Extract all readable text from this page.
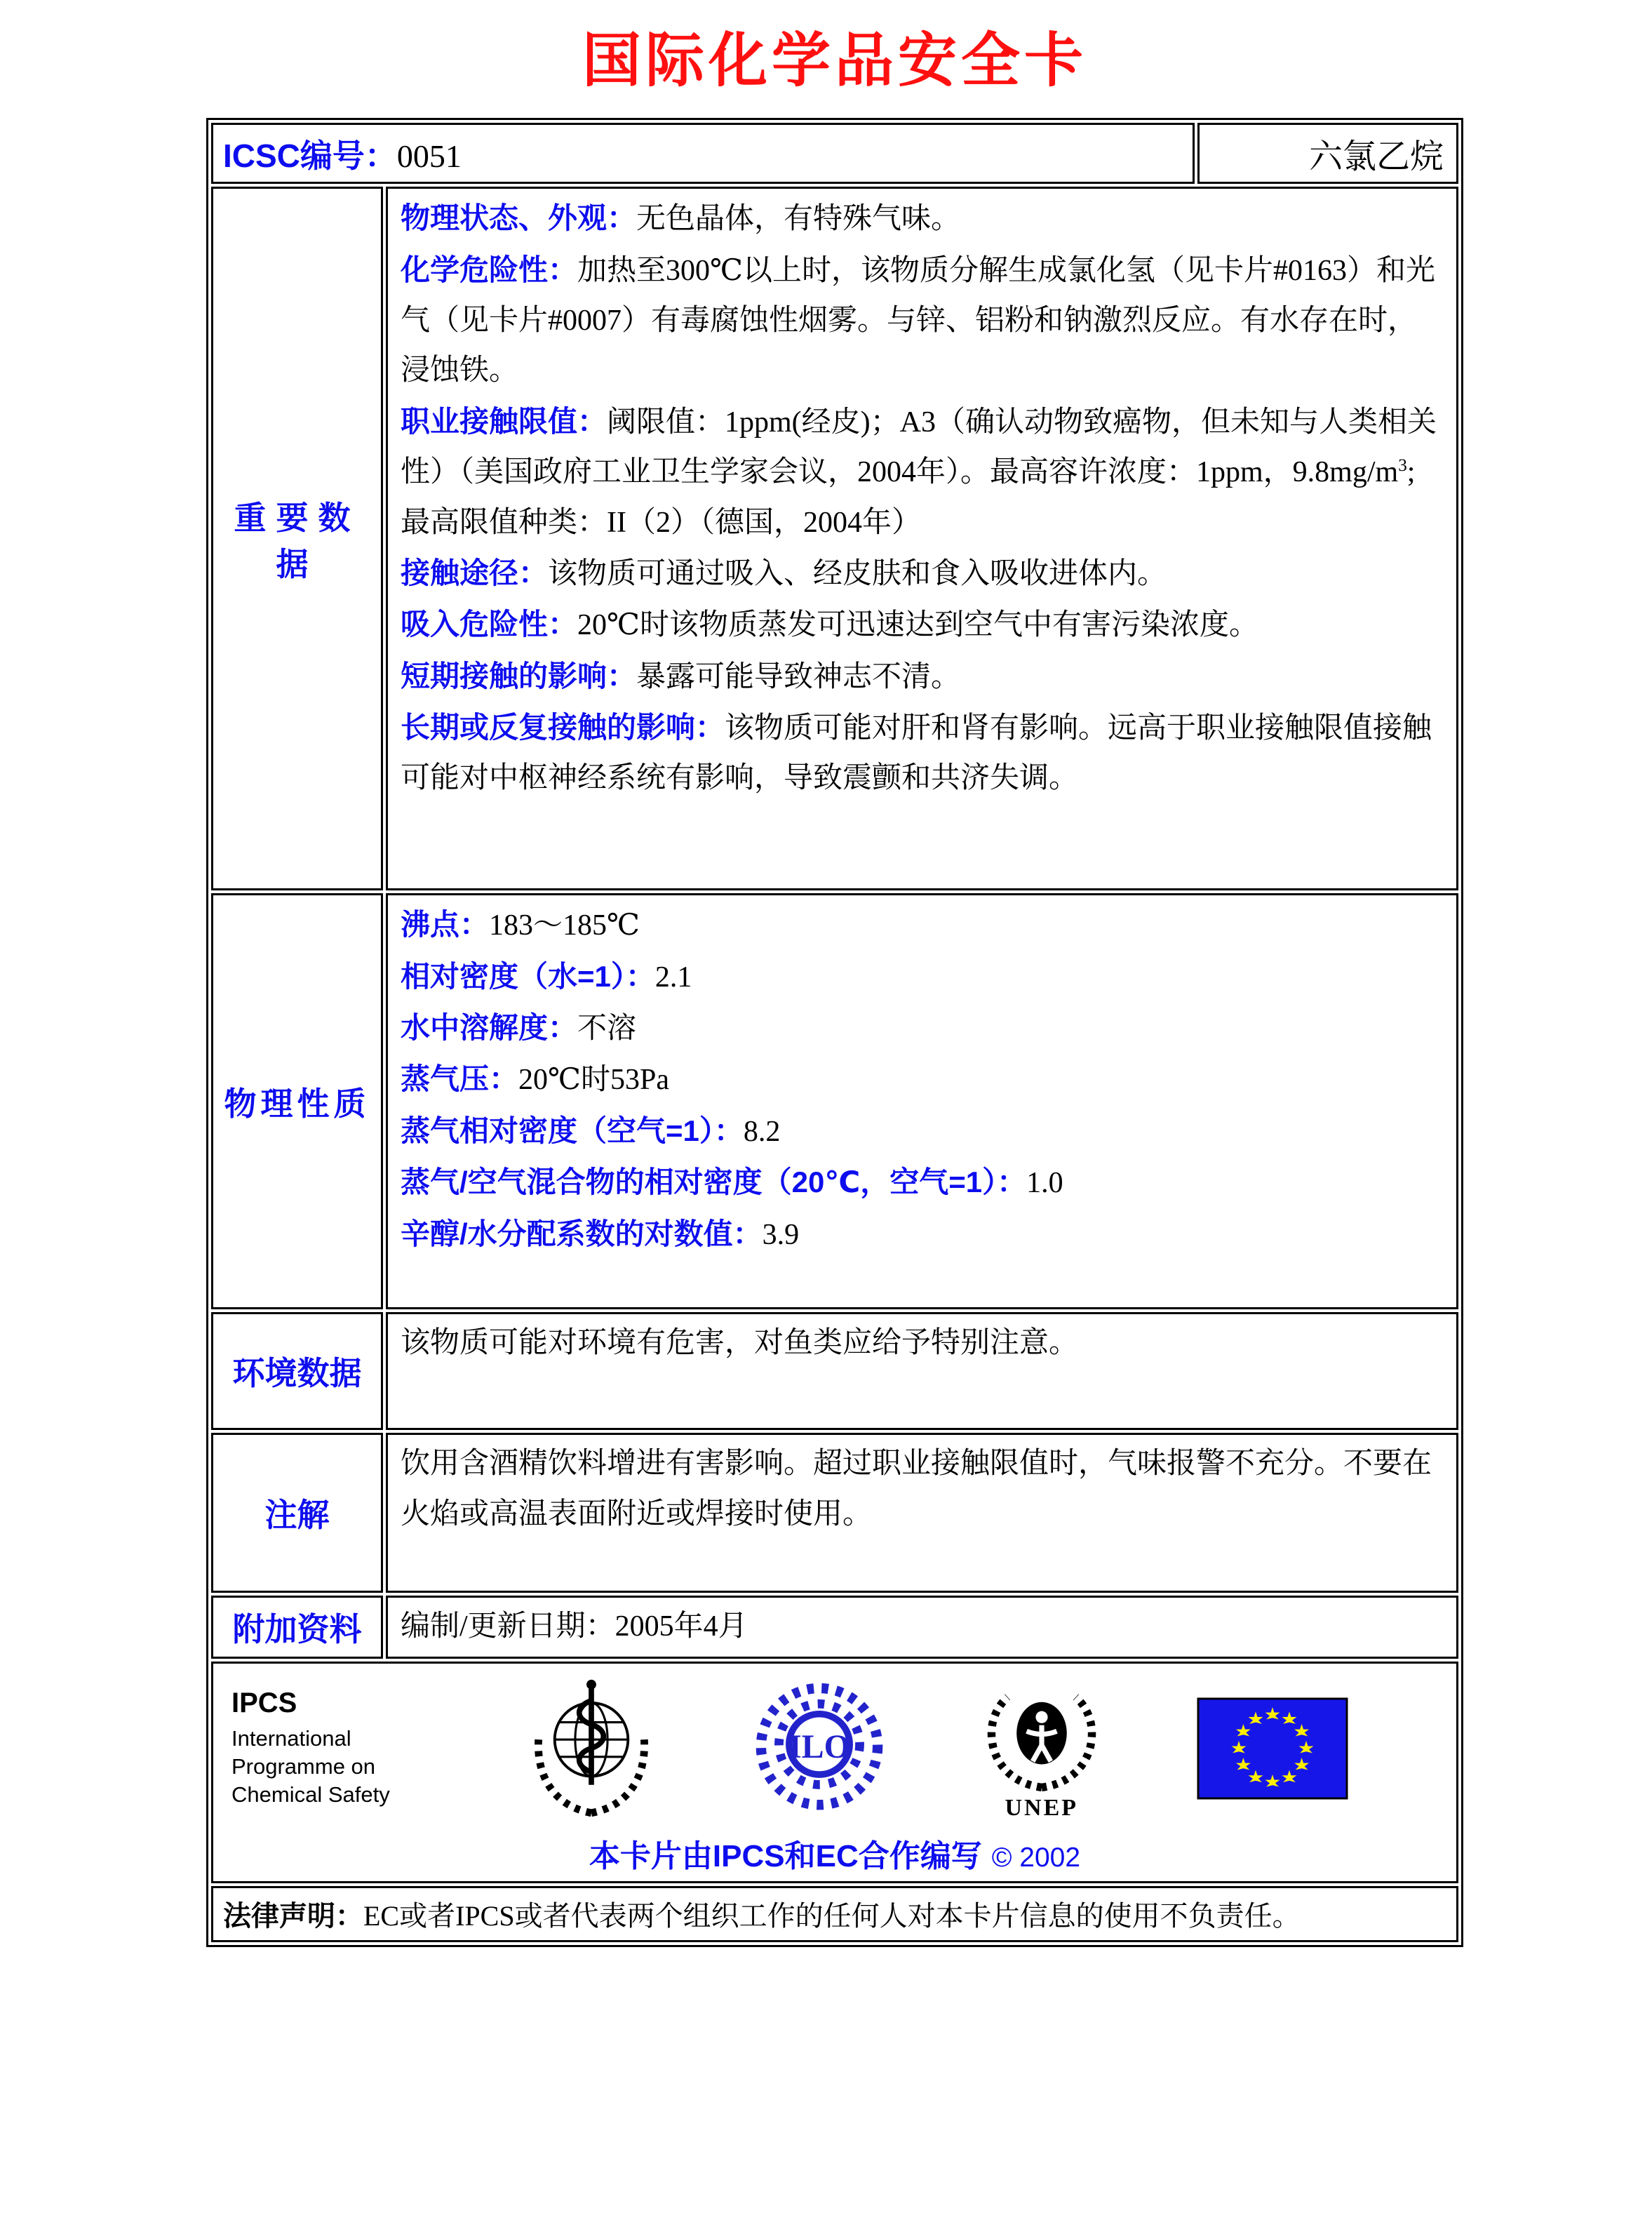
国际化学品安全卡
ICSC编号：0051		六氯乙烷
重要数据	
物理状态、外观：无色晶体，有特殊气味。
化学危险性：加热至300℃以上时，该物质分解生成氯化氢（见卡片#0163）和光气（见卡片#0007）有毒腐蚀性烟雾。与锌、铝粉和钠激烈反应。有水存在时，浸蚀铁。
职业接触限值：阈限值：1ppm(经皮)；A3（确认动物致癌物，但未知与人类相关性）（美国政府工业卫生学家会议，2004年）。最高容许浓度：1ppm，$9.8mg/m^3$; 最高限值种类：II（2）（德国，2004年）
接触途径：该物质可通过吸入、经皮肤和食入吸收进体内。
吸入危险性：20℃时该物质蒸发可迅速达到空气中有害污染浓度。
短期接触的影响：暴露可能导致神志不清。
长期或反复接触的影响：该物质可能对肝和肾有影响。远高于职业接触限值接触可能对中枢神经系统有影响，导致震颤和共济失调。

物理性质	
沸点：183～185℃
相对密度（水=1）：2.1
水中溶解度：不溶
蒸气压：20℃时53Pa
蒸气相对密度（空气=1）：8.2
蒸气/空气混合物的相对密度（20℃，空气=1）：1.0
辛醇/水分配系数的对数值：3.9

环境数据	该物质可能对环境有危害，对鱼类应给予特别注意。	

注解	饮用含酒精饮料增进有害影响。超过职业接触限值时，气味报警不充分。不要在火焰或高温表面附近或焊接时使用。	

附加资料	编制/更新日期：2005年4月	

IPCS
International
Programme on
Chemical Safety
ILO
UNEP
本卡片由IPCS和EC合作编写 © 2002

法律声明：EC或者IPCS或者代表两个组织工作的任何人对本卡片信息的使用不负责任。		
